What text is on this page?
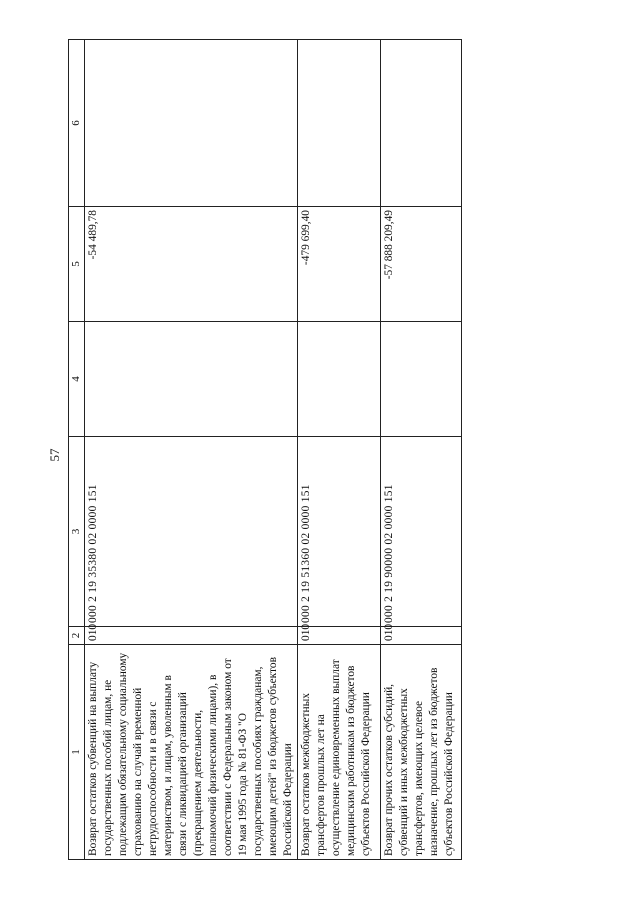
57
1	2	3	4	5	6

Возврат остатков субвенций на выплату государственных пособий лицам, не подлежащим обязательному социальному страхованию на случай временной нетрудоспособности и в связи с материнством, и лицам, уволенным в связи с ликвидацией организаций (прекращением деятельности, полномочий физическими лицами), в соответствии с Федеральным законом от 19 мая 1995 года № 81-ФЗ "О государственных пособиях гражданам, имеющим детей" из бюджетов субъектов Российской Федерации	010	000 2 19 35380 02 0000 151		-54 489,78	

Возврат остатков межбюджетных трансфертов прошлых лет на осуществление единовременных выплат медицинским работникам из бюджетов субъектов Российской Федерации	010	000 2 19 51360 02 0000 151		-479 699,40	

Возврат прочих остатков субсидий, субвенций и иных межбюджетных трансфертов, имеющих целевое назначение, прошлых лет из бюджетов субъектов Российской Федерации	010	000 2 19 90000 02 0000 151		-57 888 209,49	
